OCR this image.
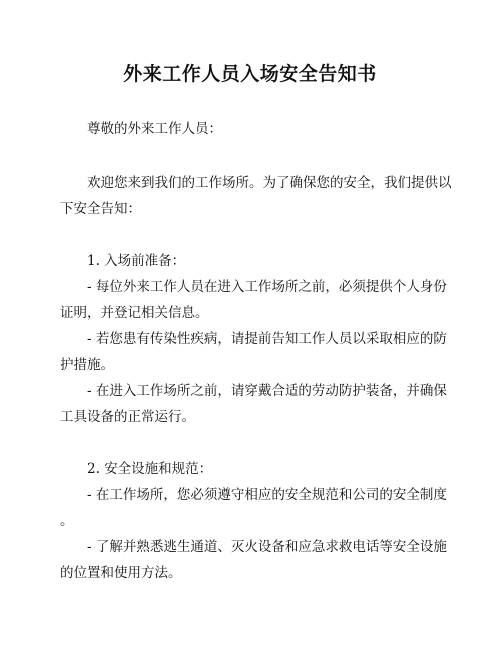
外来工作人员入场安全告知书
尊敬的外来工作人员：
欢迎您来到我们的工作场所。为了确保您的安全，我们提供以
下安全告知：
1. 入场前准备：
- 每位外来工作人员在进入工作场所之前，必须提供个人身份
证明，并登记相关信息。
- 若您患有传染性疾病，请提前告知工作人员以采取相应的防
护措施。
- 在进入工作场所之前，请穿戴合适的劳动防护装备，并确保
工具设备的正常运行。
2. 安全设施和规范：
- 在工作场所，您必须遵守相应的安全规范和公司的安全制度
。
- 了解并熟悉逃生通道、灭火设备和应急求救电话等安全设施
的位置和使用方法。
